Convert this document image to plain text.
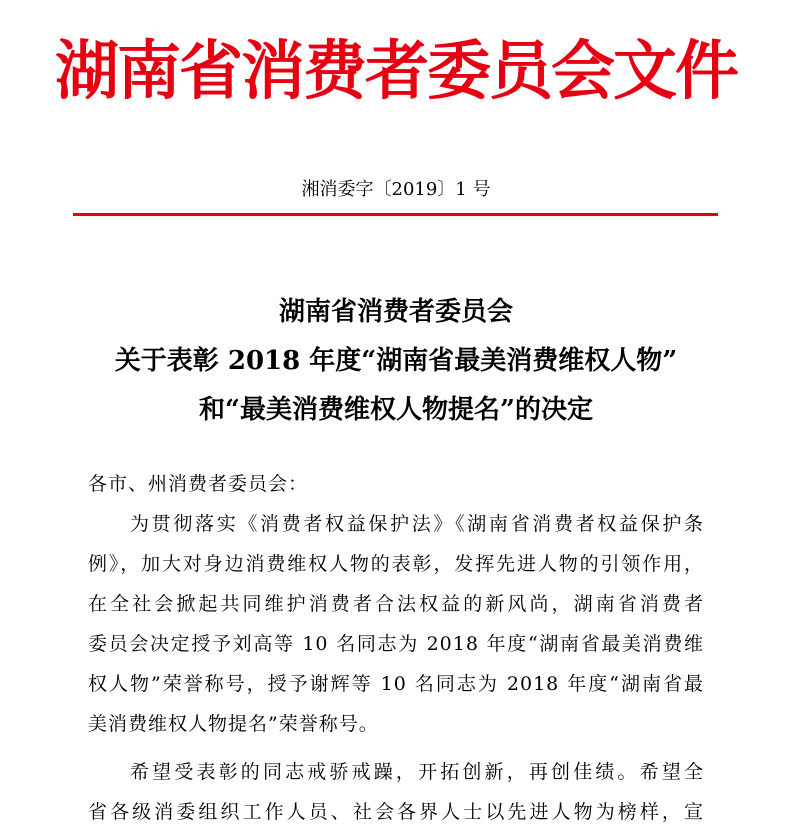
湖南省消费者委员会文件
湘消委字〔2019〕1 号
湖南省消费者委员会
关于表彰 2018 年度“湖南省最美消费维权人物”
和“最美消费维权人物提名”的决定
各市、州消费者委员会：
为贯彻落实《消费者权益保护法》《湖南省消费者权益保护条
例》，加大对身边消费维权人物的表彰，发挥先进人物的引领作用，
在全社会掀起共同维护消费者合法权益的新风尚，湖南省消费者
委员会决定授予刘高等 10 名同志为 2018 年度“湖南省最美消费维
权人物”荣誉称号，授予谢辉等 10 名同志为 2018 年度“湖南省最
美消费维权人物提名”荣誉称号。
希望受表彰的同志戒骄戒躁，开拓创新，再创佳绩。希望全
省各级消委组织工作人员、社会各界人士以先进人物为榜样，宣
